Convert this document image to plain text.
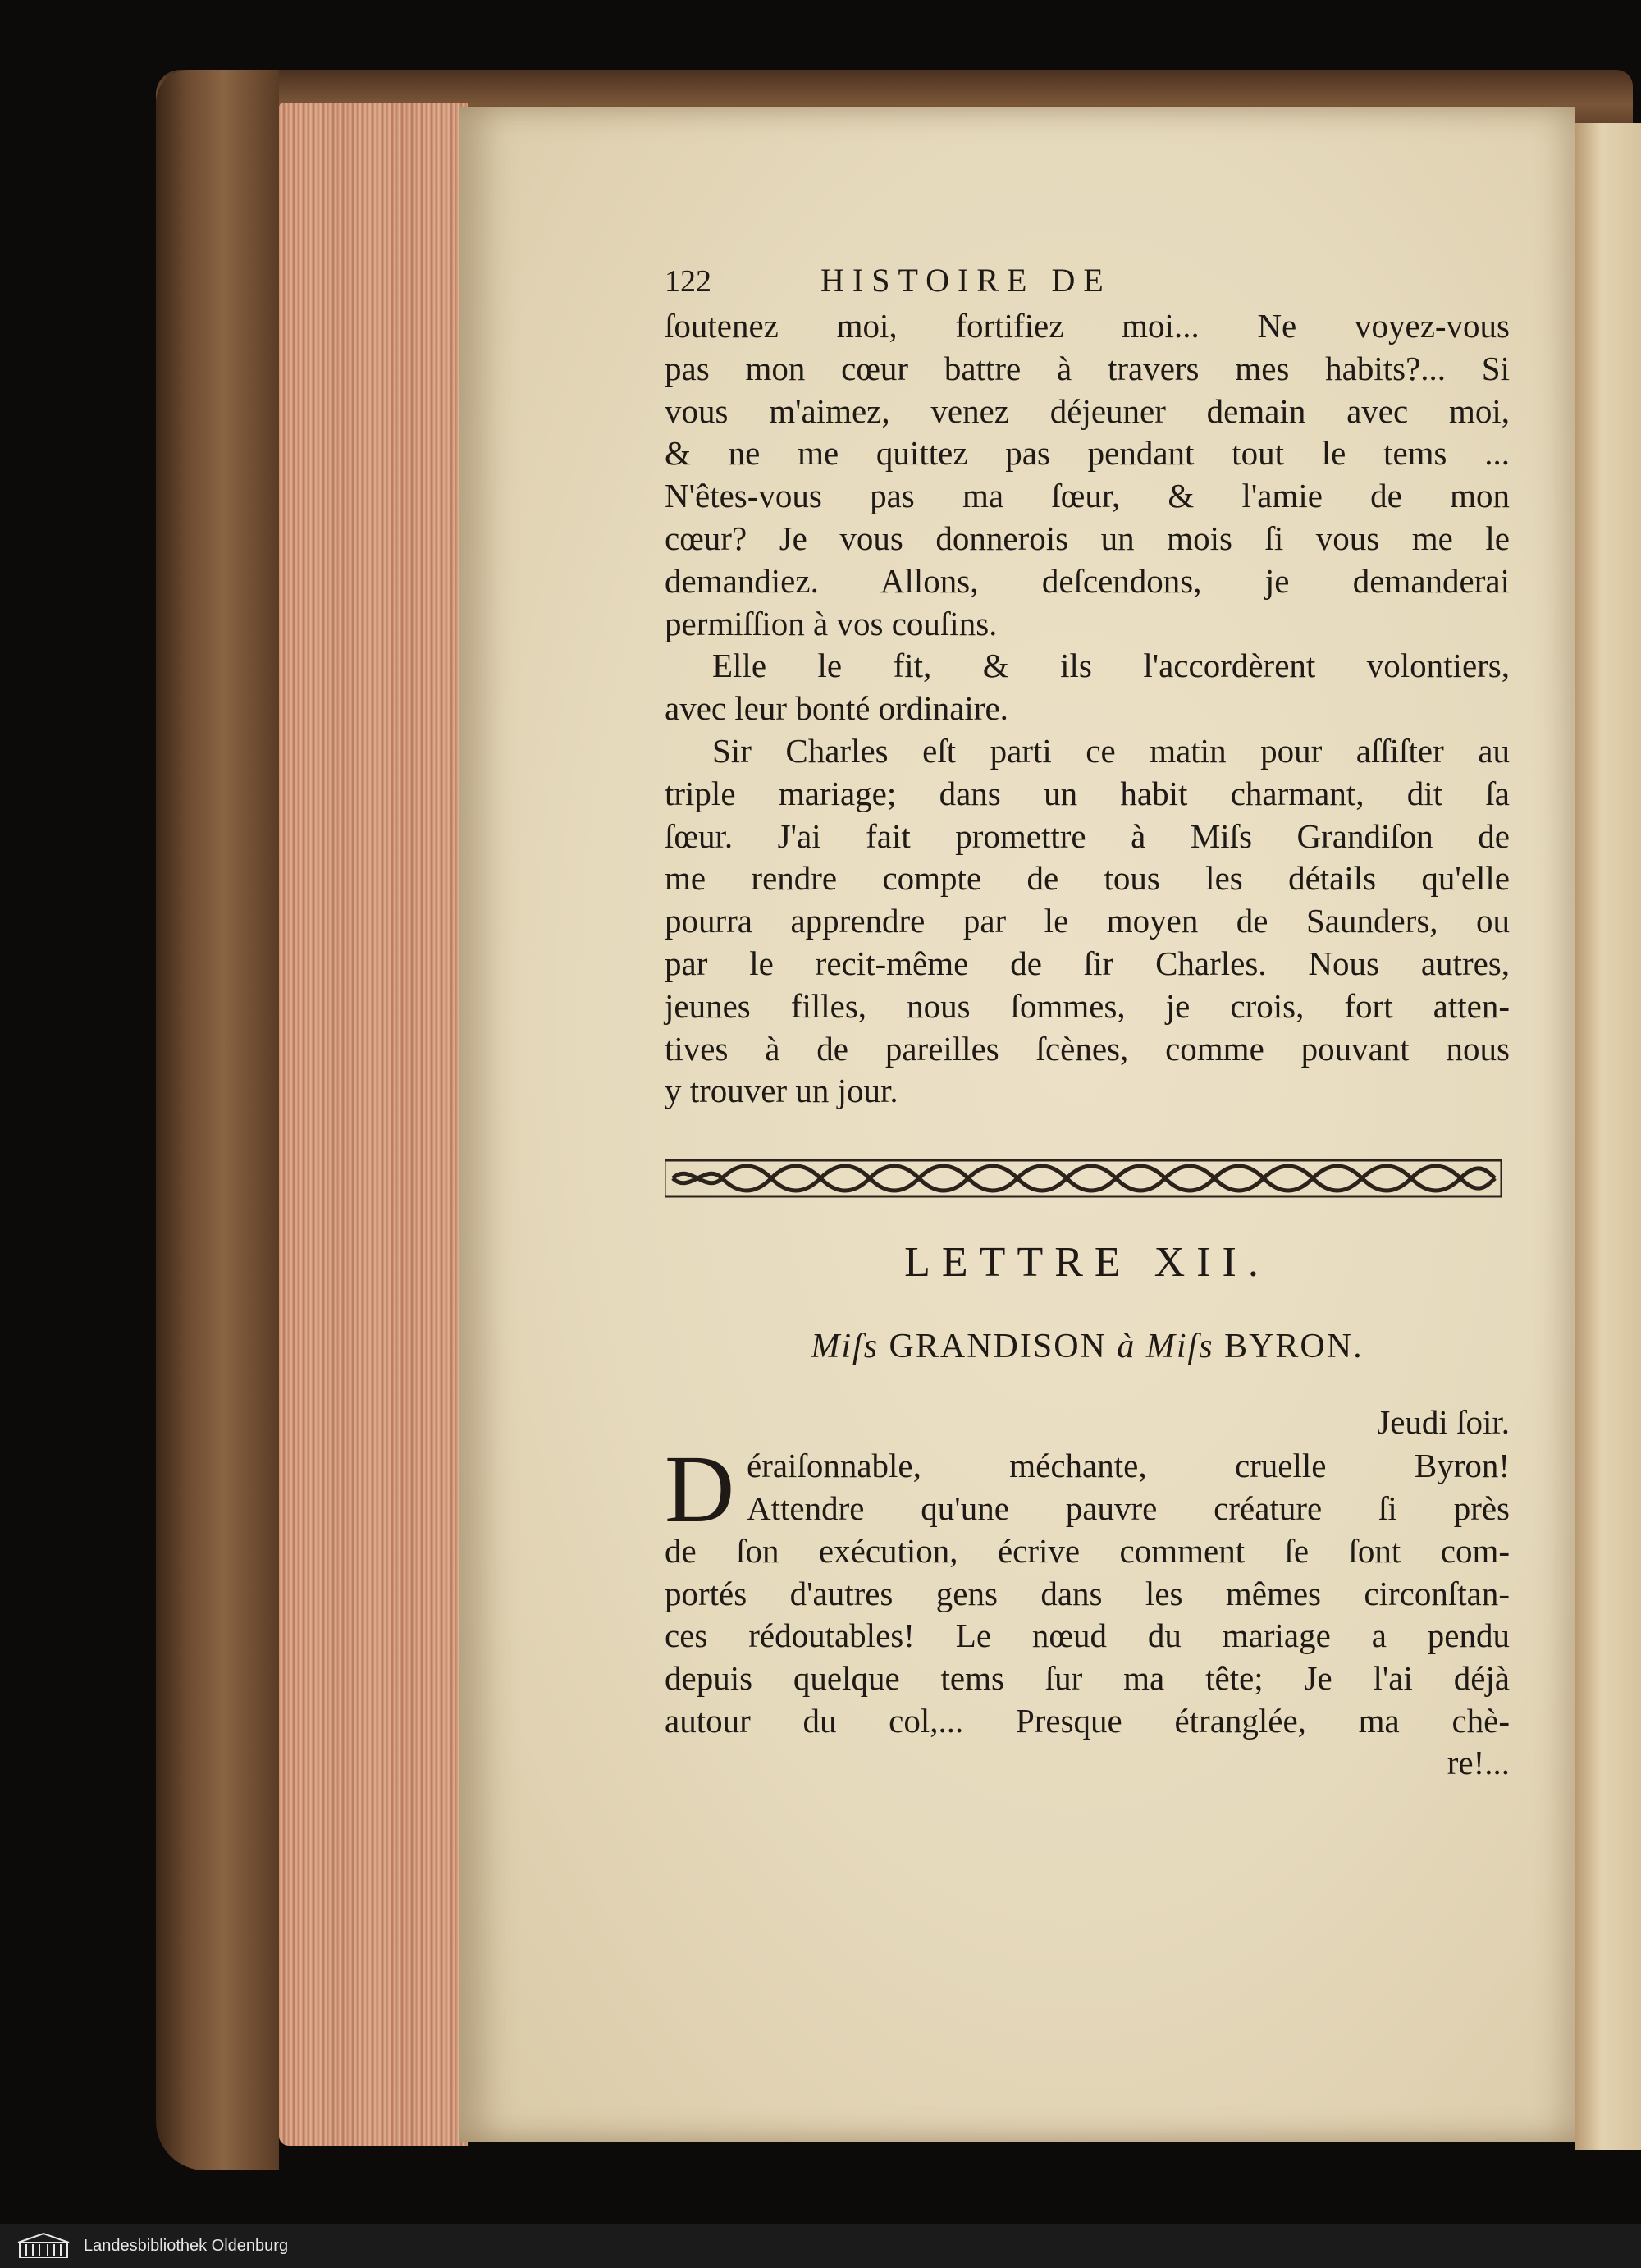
122	HISTOIRE DE
ſoutenez moi, fortifiez moi... Ne voyez-vous
pas mon cœur battre à travers mes habits?... Si
vous m'aimez, venez déjeuner demain avec moi,
& ne me quittez pas pendant tout le tems ...
N'êtes-vous pas ma ſœur, & l'amie de mon
cœur? Je vous donnerois un mois ſi vous me le
demandiez. Allons, deſcendons, je demanderai
permiſſion à vos couſins.
Elle le fit, & ils l'accordèrent volontiers,
avec leur bonté ordinaire.
Sir Charles eſt parti ce matin pour aſſiſter au
triple mariage; dans un habit charmant, dit ſa
ſœur. J'ai fait promettre à Miſs Grandiſon de
me rendre compte de tous les détails qu'elle
pourra apprendre par le moyen de Saunders, ou
par le recit-même de ſir Charles. Nous autres,
jeunes filles, nous ſommes, je crois, fort atten-
tives à de pareilles ſcènes, comme pouvant nous
y trouver un jour.
LETTRE XII.
Miſs GRANDISON à Miſs BYRON.
Jeudi ſoir.
D éraiſonnable, méchante, cruelle Byron!
Attendre qu'une pauvre créature ſi près
de ſon exécution, écrive comment ſe ſont com-
portés d'autres gens dans les mêmes circonſtan-
ces rédoutables! Le nœud du mariage a pendu
depuis quelque tems ſur ma tête; Je l'ai déjà
autour du col,... Presque étranglée, ma chè-
re!...
Landesbibliothek Oldenburg
